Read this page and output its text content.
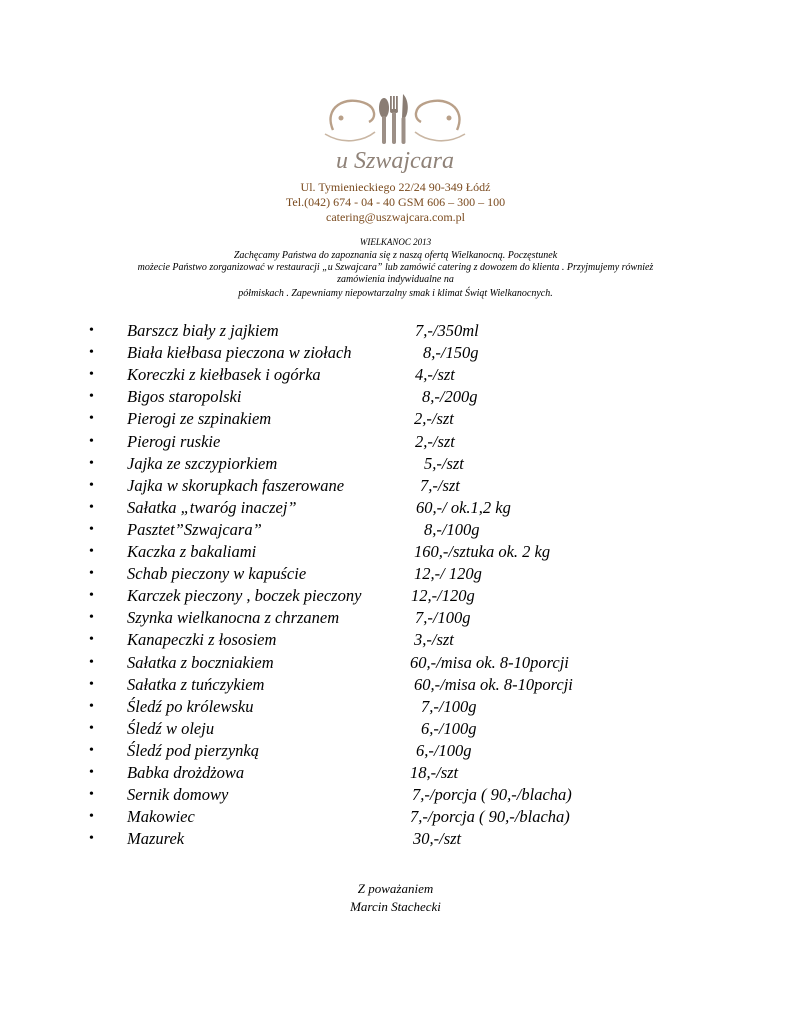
u Szwajcara
Ul. Tymienieckiego 22/24 90-349 Łódź
Tel.(042) 674 - 04 - 40 GSM 606 – 300 – 100
catering@uszwajcara.com.pl
WIELKANOC 2013
Zachęcamy Państwa do zapoznania się z naszą ofertą Wielkanocną. Poczęstunek
możecie Państwo zorganizować w restauracji „u Szwajcara” lub zamówić catering z dowozem do klienta . Przyjmujemy również
zamówienia indywidualne na
półmiskach . Zapewniamy niepowtarzalny smak i klimat Świąt Wielkanocnych.
• Barszcz biały z jajkiem	7,-/350ml
• Biała kiełbasa pieczona w ziołach	8,-/150g
• Koreczki z kiełbasek i ogórka	4,-/szt
• Bigos staropolski	8,-/200g
• Pierogi ze szpinakiem	2,-/szt
• Pierogi ruskie	2,-/szt
• Jajka ze szczypiorkiem	5,-/szt
• Jajka w skorupkach faszerowane	7,-/szt
• Sałatka „twaróg inaczej”	60,-/ ok.1,2 kg
• Pasztet”Szwajcara”	8,-/100g
• Kaczka z bakaliami	160,-/sztuka ok. 2 kg
• Schab pieczony w kapuście	12,-/ 120g
• Karczek pieczony , boczek pieczony	12,-/120g
• Szynka wielkanocna z chrzanem	7,-/100g
• Kanapeczki z łososiem	3,-/szt
• Sałatka z boczniakiem	60,-/misa ok. 8-10porcji
• Sałatka z tuńczykiem	60,-/misa ok. 8-10porcji
• Śledź po królewsku	7,-/100g
• Śledź w oleju	6,-/100g
• Śledź pod pierzynką	6,-/100g
• Babka drożdżowa	18,-/szt
• Sernik domowy	7,-/porcja ( 90,-/blacha)
• Makowiec	7,-/porcja ( 90,-/blacha)
• Mazurek	30,-/szt
Z poważaniem
Marcin Stachecki
